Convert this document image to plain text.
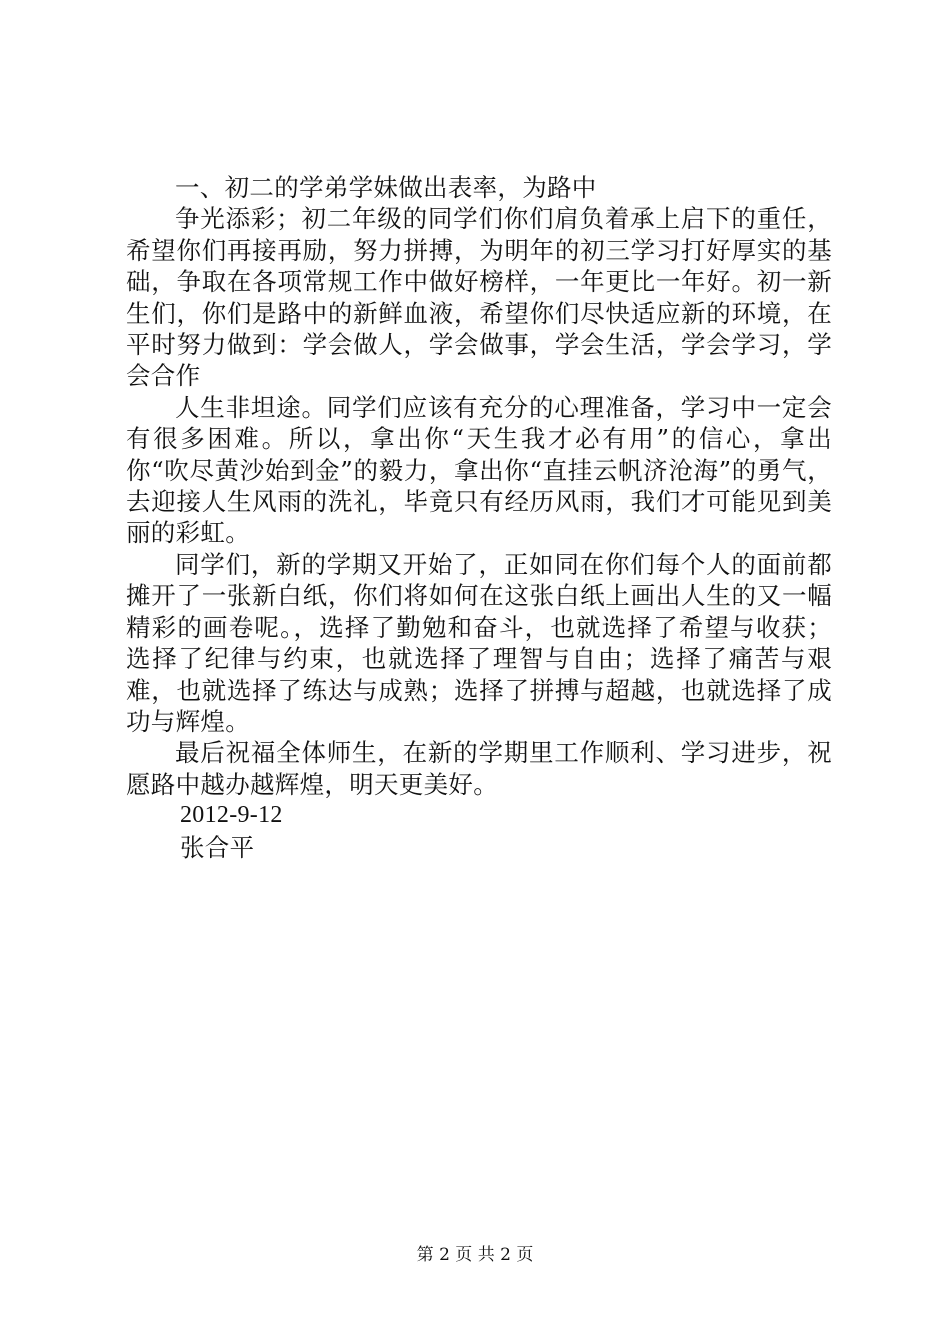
一、初二的学弟学妹做出表率，为路中

争光添彩；初二年级的同学们你们肩负着承上启下的重任，希望你们再接再励，努力拼搏，为明年的初三学习打好厚实的基础，争取在各项常规工作中做好榜样，一年更比一年好。初一新生们，你们是路中的新鲜血液，希望你们尽快适应新的环境，在平时努力做到：学会做人，学会做事，学会生活，学会学习，学会合作

人生非坦途。同学们应该有充分的心理准备，学习中一定会有很多困难。所以，拿出你“天生我才必有用”的信心，拿出你“吹尽黄沙始到金”的毅力，拿出你“直挂云帆济沧海”的勇气，去迎接人生风雨的洗礼，毕竟只有经历风雨，我们才可能见到美丽的彩虹。

同学们，新的学期又开始了，正如同在你们每个人的面前都摊开了一张新白纸，你们将如何在这张白纸上画出人生的又一幅精彩的画卷呢。，选择了勤勉和奋斗，也就选择了希望与收获；选择了纪律与约束，也就选择了理智与自由；选择了痛苦与艰难，也就选择了练达与成熟；选择了拼搏与超越，也就选择了成功与辉煌。

最后祝福全体师生，在新的学期里工作顺利、学习进步，祝愿路中越办越辉煌，明天更美好。

2012-9-12
张合平
第 2 页 共 2 页
